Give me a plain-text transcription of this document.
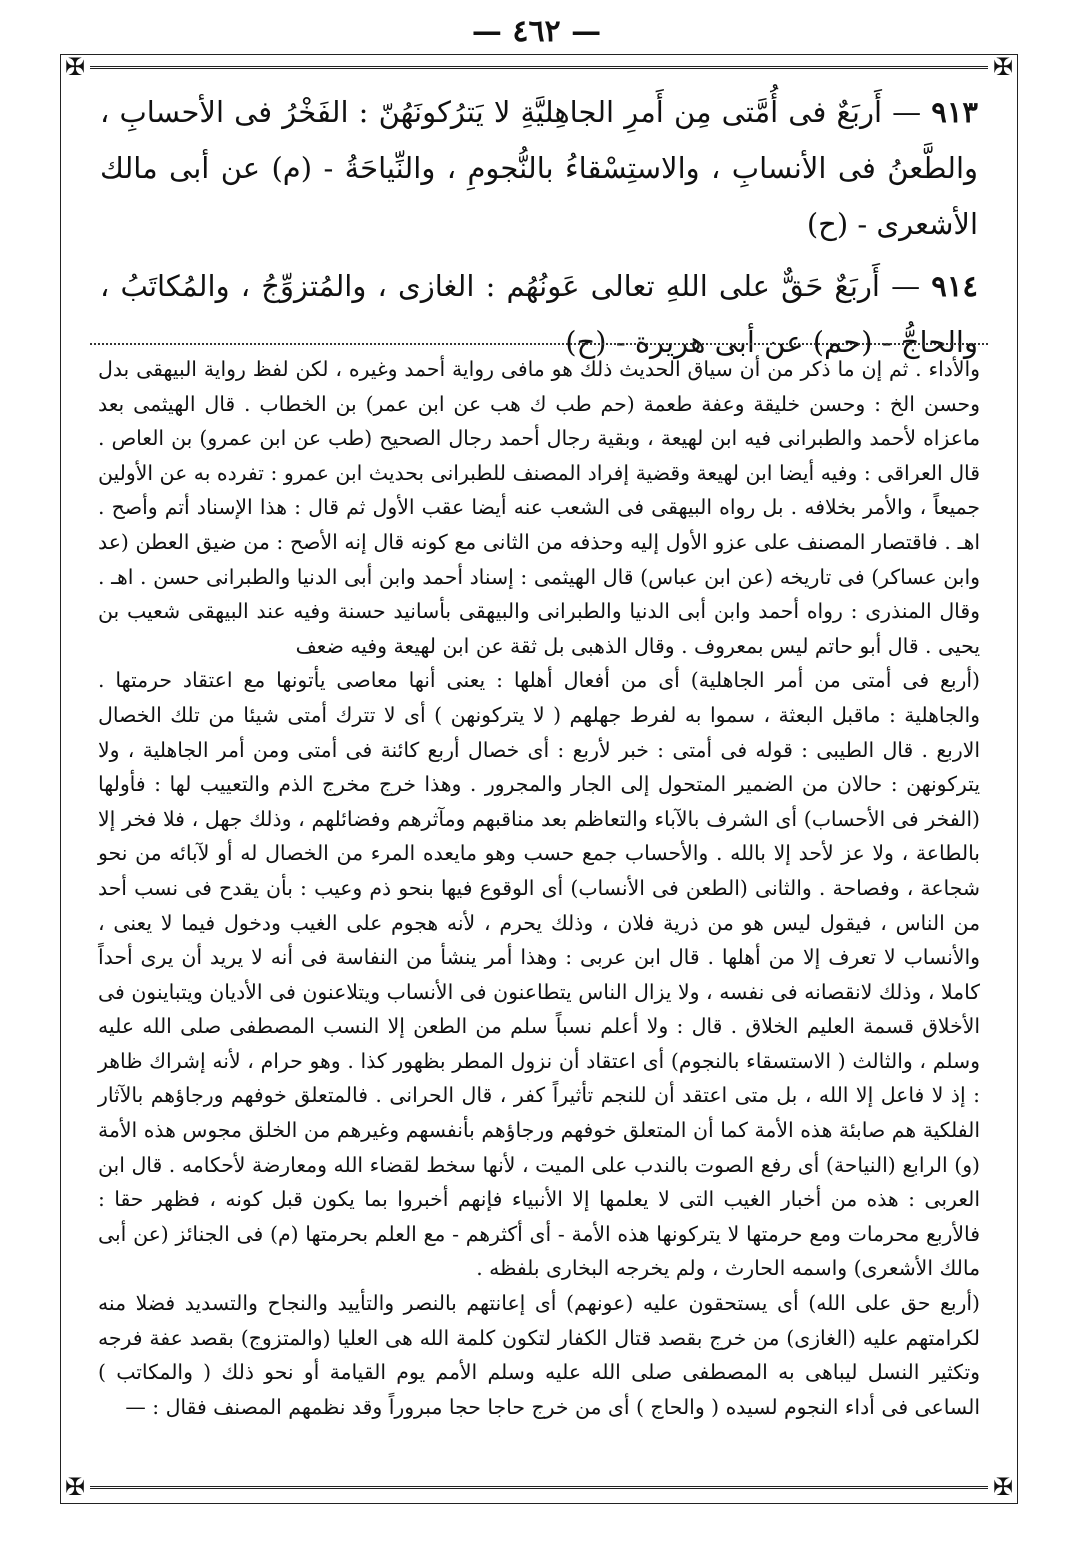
— ٤٦٢ —
✠	✠
✠	✠

٩١٣ — أَربَعٌ فى أُمَّتى مِن أَمرِ الجاهِليَّةِ لا يَترُكونَهُنّ : الفَخْرُ فى الأحسابِ ، والطَّعنُ فى الأنسابِ ، والاستِسْقاءُ بالنُّجومِ ، والنِّياحَةُ - (م) عن أبى مالك الأشعرى - (ح)

٩١٤ — أَربَعٌ حَقٌّ على اللهِ تعالى عَونُهُم : الغازى ، والمُتزوِّجُ ، والمُكاتَبُ ، والحاجُّ - (حم) عن أبى هريرة - (ح)

والأداء . ثم إن ما ذكر من أن سياق الحديث ذلك هو مافى رواية أحمد وغيره ، لكن لفظ رواية البيهقى بدل وحسن الخ : وحسن خليقة وعفة طعمة (حم طب ك هب عن ابن عمر) بن الخطاب . قال الهيثمى بعد ماعزاه لأحمد والطبرانى فيه ابن لهيعة ، وبقية رجال أحمد رجال الصحيح (طب عن ابن عمرو) بن العاص . قال العراقى : وفيه أيضا ابن لهيعة وقضية إفراد المصنف للطبرانى بحديث ابن عمرو : تفرده به عن الأولين جميعاً ، والأمر بخلافه . بل رواه البيهقى فى الشعب عنه أيضا عقب الأول ثم قال : هذا الإسناد أتم وأصح . اهـ . فاقتصار المصنف على عزو الأول إليه وحذفه من الثانى مع كونه قال إنه الأصح : من ضيق العطن (عد وابن عساكر) فى تاريخه (عن ابن عباس) قال الهيثمى : إسناد أحمد وابن أبى الدنيا والطبرانى حسن . اهـ . وقال المنذرى : رواه أحمد وابن أبى الدنيا والطبرانى والبيهقى بأسانيد حسنة وفيه عند البيهقى شعيب بن يحيى . قال أبو حاتم ليس بمعروف . وقال الذهبى بل ثقة عن ابن لهيعة وفيه ضعف

(أربع فى أمتى من أمر الجاهلية) أى من أفعال أهلها : يعنى أنها معاصى يأتونها مع اعتقاد حرمتها . والجاهلية : ماقبل البعثة ، سموا به لفرط جهلهم ( لا يتركونهن ) أى لا تترك أمتى شيئا من تلك الخصال الاربع . قال الطيبى : قوله فى أمتى : خبر لأربع : أى خصال أربع كائنة فى أمتى ومن أمر الجاهلية ، ولا يتركونهن : حالان من الضمير المتحول إلى الجار والمجرور . وهذا خرج مخرج الذم والتعييب لها : فأولها (الفخر فى الأحساب) أى الشرف بالآباء والتعاظم بعد مناقبهم ومآثرهم وفضائلهم ، وذلك جهل ، فلا فخر إلا بالطاعة ، ولا عز لأحد إلا بالله . والأحساب جمع حسب وهو مايعده المرء من الخصال له أو لآبائه من نحو شجاعة ، وفصاحة . والثانى (الطعن فى الأنساب) أى الوقوع فيها بنحو ذم وعيب : بأن يقدح فى نسب أحد من الناس ، فيقول ليس هو من ذرية فلان ، وذلك يحرم ، لأنه هجوم على الغيب ودخول فيما لا يعنى ، والأنساب لا تعرف إلا من أهلها . قال ابن عربى : وهذا أمر ينشأ من النفاسة فى أنه لا يريد أن يرى أحداً كاملا ، وذلك لانقصانه فى نفسه ، ولا يزال الناس يتطاعنون فى الأنساب ويتلاعنون فى الأديان ويتباينون فى الأخلاق قسمة العليم الخلاق . قال : ولا أعلم نسباً سلم من الطعن إلا النسب المصطفى صلى الله عليه وسلم ، والثالث ( الاستسقاء بالنجوم) أى اعتقاد أن نزول المطر بظهور كذا . وهو حرام ، لأنه إشراك ظاهر : إذ لا فاعل إلا الله ، بل متى اعتقد أن للنجم تأثيراً كفر ، قال الحرانى . فالمتعلق خوفهم ورجاؤهم بالآثار الفلكية هم صابئة هذه الأمة كما أن المتعلق خوفهم ورجاؤهم بأنفسهم وغيرهم من الخلق مجوس هذه الأمة (و) الرابع (النياحة) أى رفع الصوت بالندب على الميت ، لأنها سخط لقضاء الله ومعارضة لأحكامه . قال ابن العربى : هذه من أخبار الغيب التى لا يعلمها إلا الأنبياء فإنهم أخبروا بما يكون قبل كونه ، فظهر حقا : فالأربع محرمات ومع حرمتها لا يتركونها هذه الأمة - أى أكثرهم - مع العلم بحرمتها (م) فى الجنائز (عن أبى مالك الأشعرى) واسمه الحارث ، ولم يخرجه البخارى بلفظه .

(أربع حق على الله) أى يستحقون عليه (عونهم) أى إعانتهم بالنصر والتأييد والنجاح والتسديد فضلا منه لكرامتهم عليه (الغازى) من خرج بقصد قتال الكفار لتكون كلمة الله هى العليا (والمتزوج) بقصد عفة فرجه وتكثير النسل ليباهى به المصطفى صلى الله عليه وسلم الأمم يوم القيامة أو نحو ذلك ( والمكاتب ) الساعى فى أداء النجوم لسيده ( والحاج ) أى من خرج حاجا حجا مبروراً وقد نظمهم المصنف فقال : —
